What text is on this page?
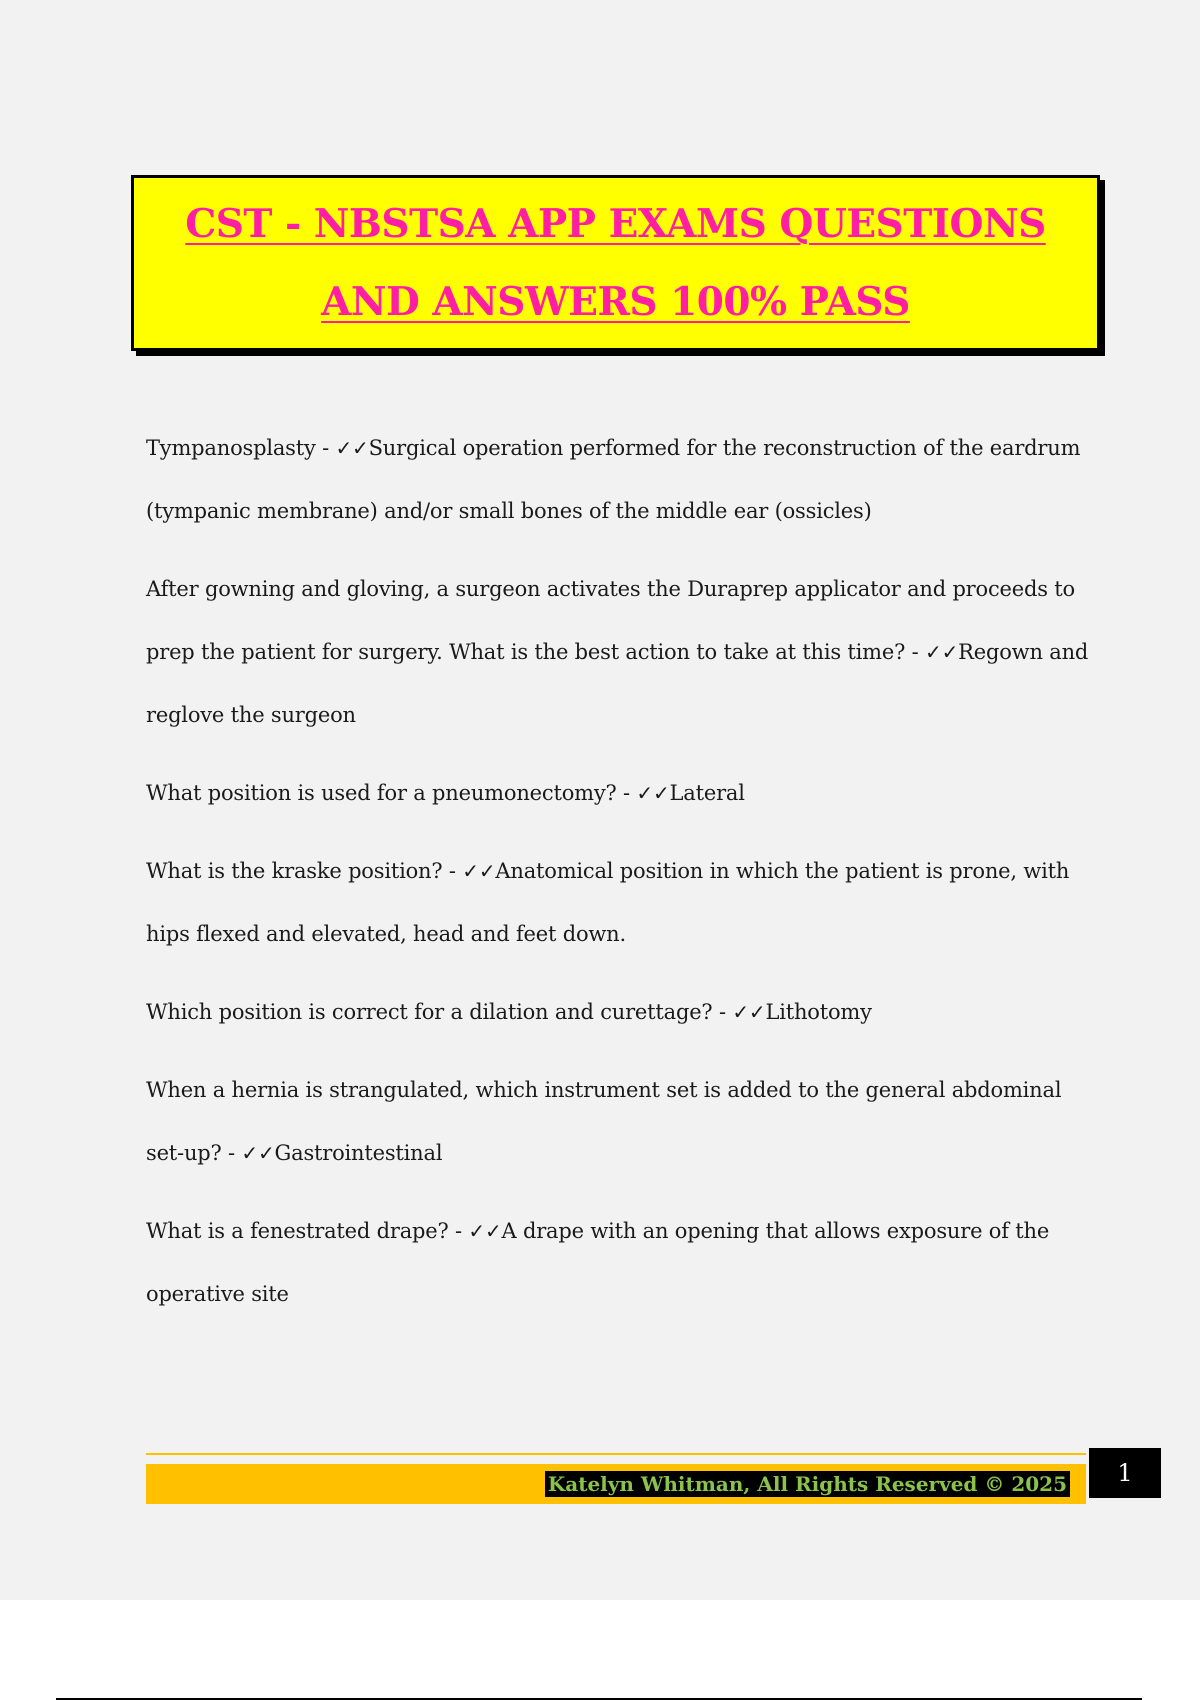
CST - NBSTSA APP EXAMS QUESTIONS
AND ANSWERS 100% PASS

Tympanosplasty - ✓✓Surgical operation performed for the reconstruction of the eardrum (tympanic membrane) and/or small bones of the middle ear (ossicles)

After gowning and gloving, a surgeon activates the Duraprep applicator and proceeds to prep the patient for surgery. What is the best action to take at this time? - ✓✓Regown and reglove the surgeon

What position is used for a pneumonectomy? - ✓✓Lateral

What is the kraske position? - ✓✓Anatomical position in which the patient is prone, with hips flexed and elevated, head and feet down.

Which position is correct for a dilation and curettage? - ✓✓Lithotomy

When a hernia is strangulated, which instrument set is added to the general abdominal set-up? - ✓✓Gastrointestinal

What is a fenestrated drape? - ✓✓A drape with an opening that allows exposure of the operative site

Katelyn Whitman, All Rights Reserved © 2025	1
